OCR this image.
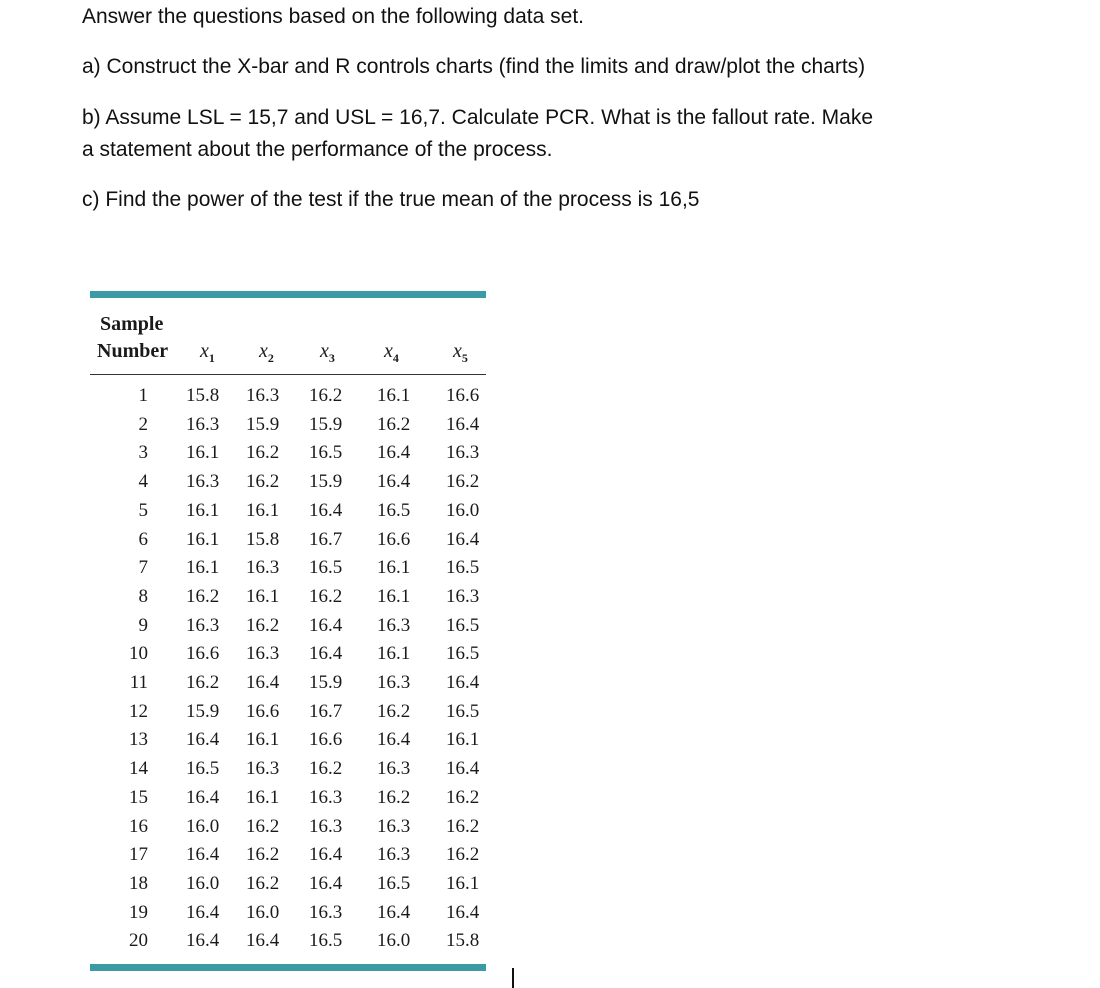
Answer the questions based on the following data set.

a) Construct the X-bar and R controls charts (find the limits and draw/plot the charts)

b) Assume LSL = 15,7 and USL = 16,7. Calculate PCR. What is the fallout rate. Make

a statement about the performance of the process.

c) Find the power of the test if the true mean of the process is 16,5

Sample
Number $x_1$ $x_2$ $x_3$ $x_4$	$x_5$
1 15.8 16.3 16.2 16.1 16.6
2 16.3 15.9 15.9 16.2 16.4
3 16.1 16.2 16.5 16.4 16.3
4 16.3 16.2 15.9 16.4 16.2
5 16.1 16.1 16.4 16.5 16.0
6 16.1 15.8 16.7 16.6 16.4
7 16.1 16.3 16.5 16.1 16.5
8 16.2 16.1 16.2 16.1 16.3
9 16.3 16.2 16.4 16.3 16.5
10 16.6 16.3 16.4 16.1 16.5
11 16.2 16.4 15.9 16.3 16.4
12 15.9 16.6 16.7 16.2 16.5
13 16.4 16.1 16.6 16.4 16.1
14 16.5 16.3 16.2 16.3 16.4
15 16.4 16.1 16.3 16.2 16.2
16 16.0 16.2 16.3 16.3 16.2
17 16.4 16.2 16.4 16.3 16.2
18 16.0 16.2 16.4 16.5 16.1
19 16.4 16.0 16.3 16.4 16.4
20 16.4 16.4 16.5 16.0 15.8
